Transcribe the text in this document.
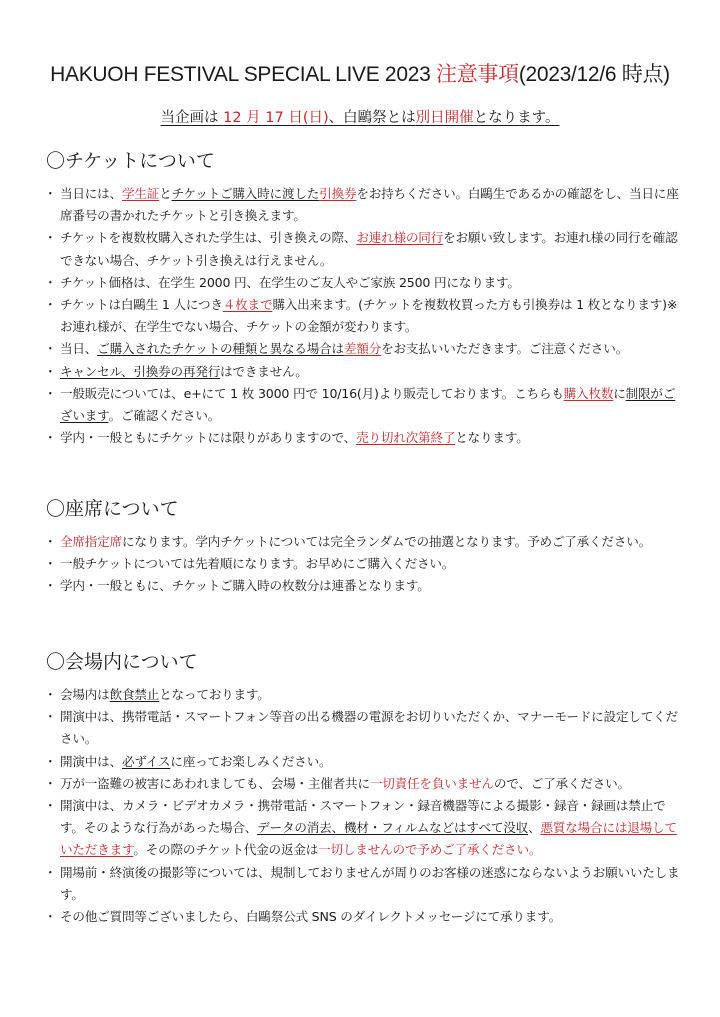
HAKUOH FESTIVAL SPECIAL LIVE 2023 注意事項(2023/12/6 時点)
当企画は 12 月 17 日(日)、白鷗祭とは別日開催となります。
〇チケットについて
・ 当日には、学生証とチケットご購入時に渡した引換券をお持ちください。白鷗生であるかの確認をし、当日に座席番号の書かれたチケットと引き換えます。
・ チケットを複数枚購入された学生は、引き換えの際、お連れ様の同行をお願い致します。お連れ様の同行を確認できない場合、チケット引き換えは行えません。
・ チケット価格は、在学生 2000 円、在学生のご友人やご家族 2500 円になります。
・ チケットは白鷗生 1 人につき４枚まで購入出来ます。(チケットを複数枚買った方も引換券は 1 枚となります)※お連れ様が、在学生でない場合、チケットの金額が変わります。
・ 当日、ご購入されたチケットの種類と異なる場合は差額分をお支払いいただきます。ご注意ください。
・ キャンセル、引換券の再発行はできません。
・ 一般販売については、e+にて 1 枚 3000 円で 10/16(月)より販売しております。こちらも購入枚数に制限がございます。ご確認ください。
・ 学内・一般ともにチケットには限りがありますので、売り切れ次第終了となります。
〇座席について
・ 全席指定席になります。学内チケットについては完全ランダムでの抽選となります。予めご了承ください。
・ 一般チケットについては先着順になります。お早めにご購入ください。
・ 学内・一般ともに、チケットご購入時の枚数分は連番となります。
〇会場内について
・ 会場内は飲食禁止となっております。
・ 開演中は、携帯電話・スマートフォン等音の出る機器の電源をお切りいただくか、マナーモードに設定してください。
・ 開演中は、必ずイスに座ってお楽しみください。
・ 万が一盗難の被害にあわれましても、会場・主催者共に一切責任を負いませんので、ご了承ください。
・ 開演中は、カメラ・ビデオカメラ・携帯電話・スマートフォン・録音機器等による撮影・録音・録画は禁止です。そのような行為があった場合、データの消去、機材・フィルムなどはすべて没収、悪質な場合には退場していただきます。その際のチケット代金の返金は一切しませんので予めご了承ください。
・ 開場前・終演後の撮影等については、規制しておりませんが周りのお客様の迷惑にならないようお願いいたします。
・ その他ご質問等ございましたら、白鷗祭公式 SNS のダイレクトメッセージにて承ります。
